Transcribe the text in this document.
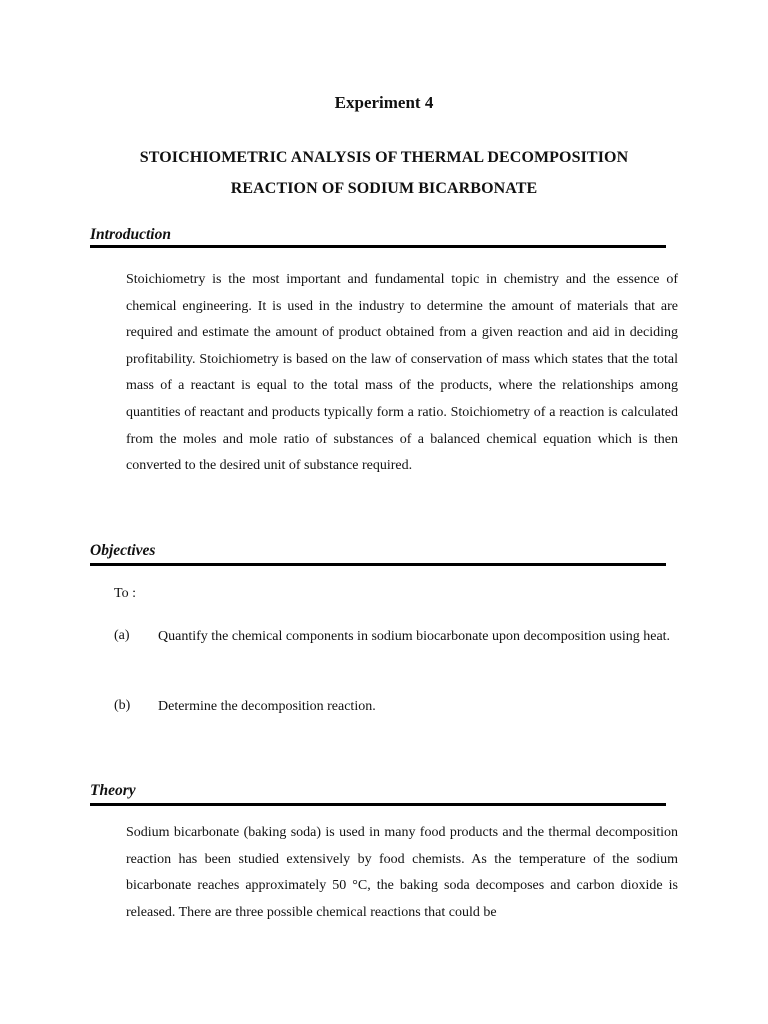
Experiment 4
STOICHIOMETRIC ANALYSIS OF THERMAL DECOMPOSITION
REACTION OF SODIUM BICARBONATE
Introduction
Stoichiometry is the most important and fundamental topic in chemistry and the essence of chemical engineering. It is used in the industry to determine the amount of materials that are required and estimate the amount of product obtained from a given reaction and aid in deciding profitability. Stoichiometry is based on the law of conservation of mass which states that the total mass of a reactant is equal to the total mass of the products, where the relationships among quantities of reactant and products typically form a ratio. Stoichiometry of a reaction is calculated from the moles and mole ratio of substances of a balanced chemical equation which is then converted to the desired unit of substance required.
Objectives
To :
(a) Quantify the chemical components in sodium biocarbonate upon decomposition using heat.
(b) Determine the decomposition reaction.
Theory
Sodium bicarbonate (baking soda) is used in many food products and the thermal decomposition reaction has been studied extensively by food chemists. As the temperature of the sodium bicarbonate reaches approximately 50 °C, the baking soda decomposes and carbon dioxide is released. There are three possible chemical reactions that could be
